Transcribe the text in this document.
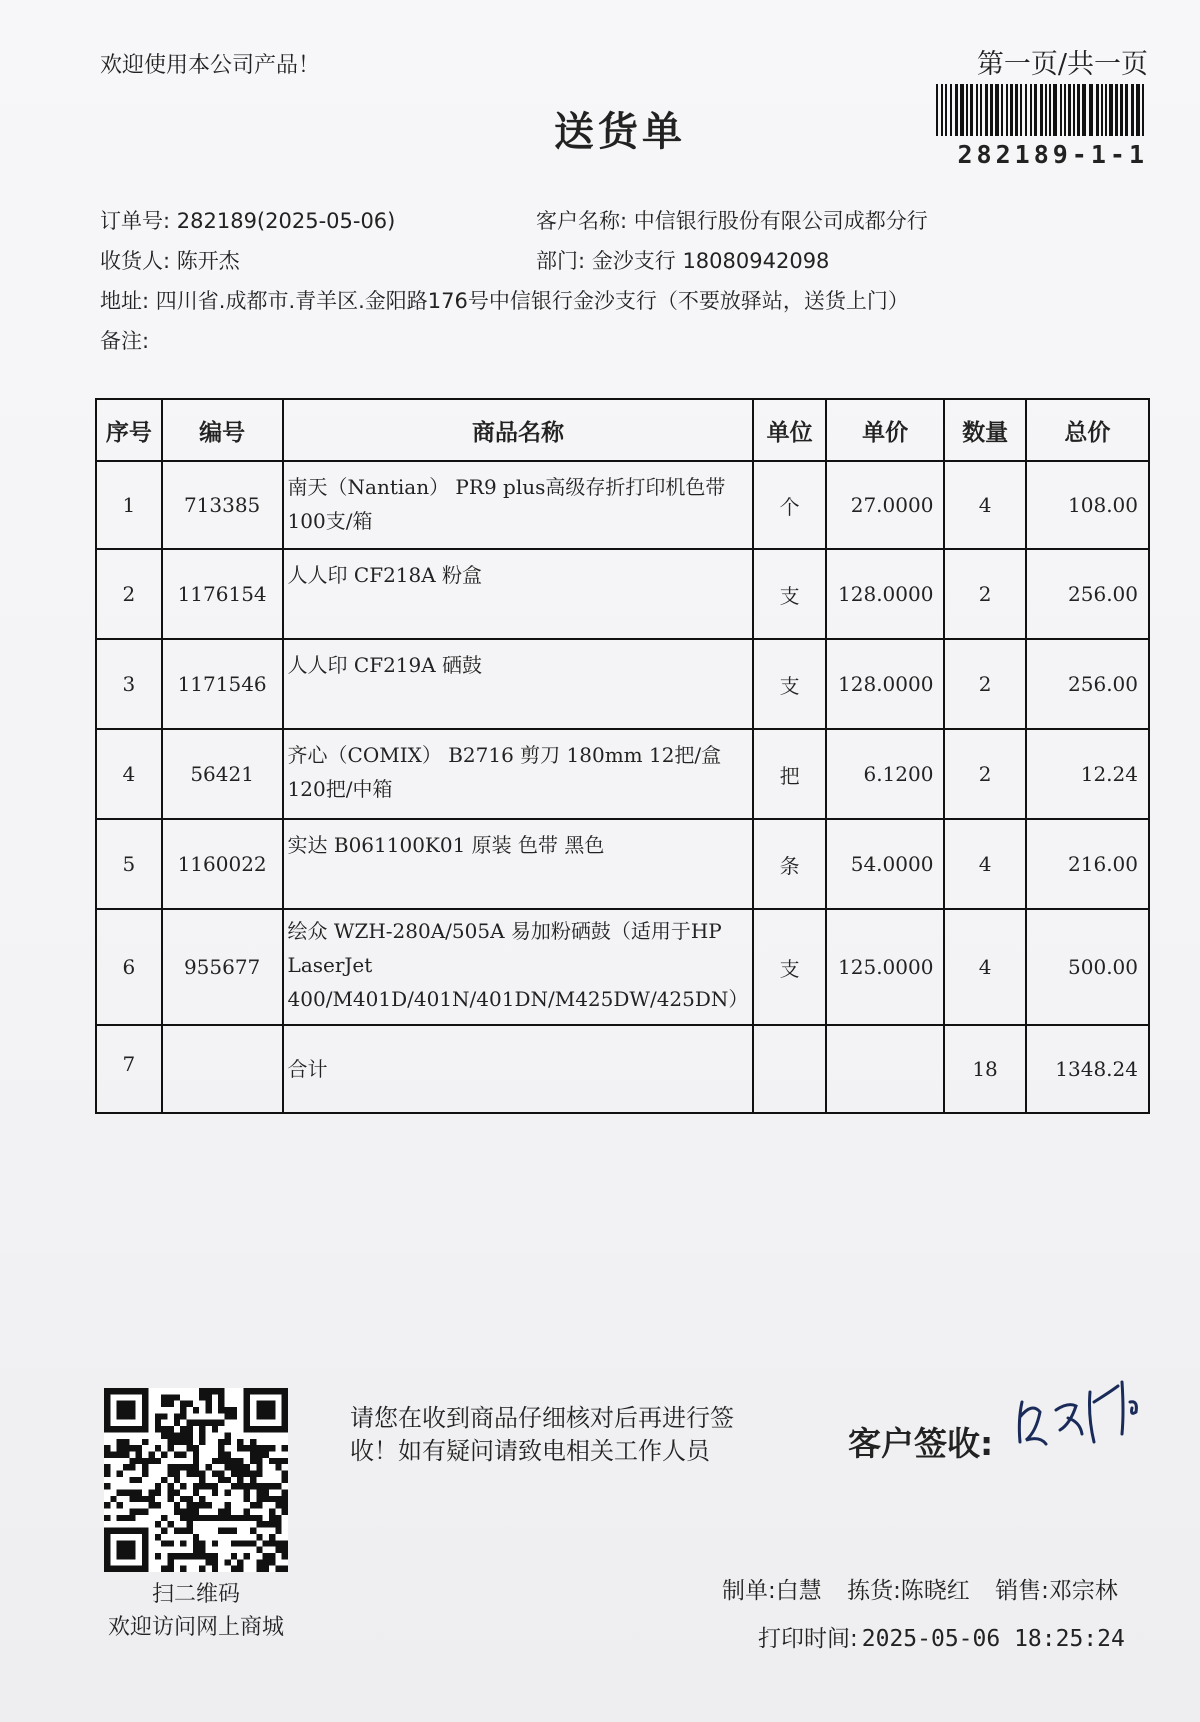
欢迎使用本公司产品！	第一页/共一页
282189-1-1
送货单
订单号: 282189(2025-05-06)	客户名称: 中信银行股份有限公司成都分行
收货人: 陈开杰	部门: 金沙支行 18080942098
地址: 四川省.成都市.青羊区.金阳路176号中信银行金沙支行（不要放驿站，送货上门）
备注:
序号	编号	商品名称	单位	单价	数量	总价
1	713385	南天（Nantian） PR9 plus高级存折打印机色带 100支/箱	个	27.0000	4	108.00
2	1176154	人人印 CF218A 粉盒	支	128.0000	2	256.00
3	1171546	人人印 CF219A 硒鼓	支	128.0000	2	256.00
4	56421	齐心（COMIX） B2716 剪刀 180mm 12把/盒 120把/中箱	把	6.1200	2	12.24
5	1160022	实达 B061100K01 原装 色带 黑色	条	54.0000	4	216.00
6	955677	绘众 WZH-280A/505A 易加粉硒鼓（适用于HP LaserJet 400/M401D/401N/401DN/M425DW/425DN）	支	125.0000	4	500.00
7		合计			18	1348.24
扫二维码
欢迎访问网上商城
请您在收到商品仔细核对后再进行签收！如有疑问请致电相关工作人员	客户签收:
制单:白慧 拣货:陈晓红 销售:邓宗林
打印时间: 2025-05-06 18:25:24
